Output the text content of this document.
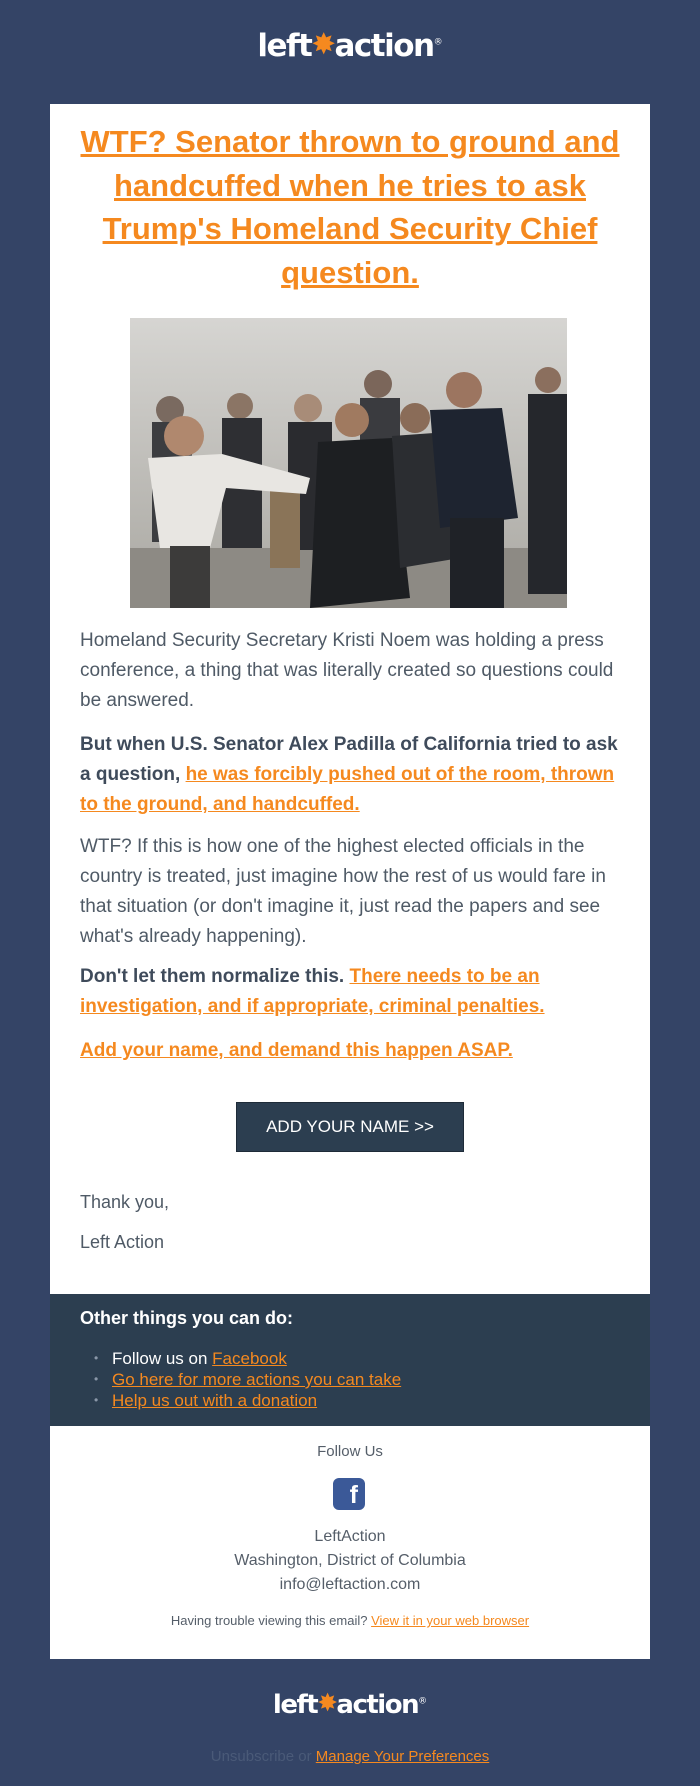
left✸action®
WTF? Senator thrown to ground and handcuffed when he tries to ask Trump's Homeland Security Chief question.

Homeland Security Secretary Kristi Noem was holding a press conference, a thing that was literally created so questions could be answered.

But when U.S. Senator Alex Padilla of California tried to ask a question, he was forcibly pushed out of the room, thrown to the ground, and handcuffed.

WTF? If this is how one of the highest elected officials in the country is treated, just imagine how the rest of us would fare in that situation (or don't imagine it, just read the papers and see what's already happening).

Don't let them normalize this. There needs to be an investigation, and if appropriate, criminal penalties.

Add your name, and demand this happen ASAP.

ADD YOUR NAME >>
Thank you,
Left Action
Other things you can do:
• Follow us on Facebook
• Go here for more actions you can take
• Help us out with a donation
Follow Us
f
LeftAction
Washington, District of Columbia
info@leftaction.com
Having trouble viewing this email? View it in your web browser
left✸action®
Unsubscribe or Manage Your Preferences
